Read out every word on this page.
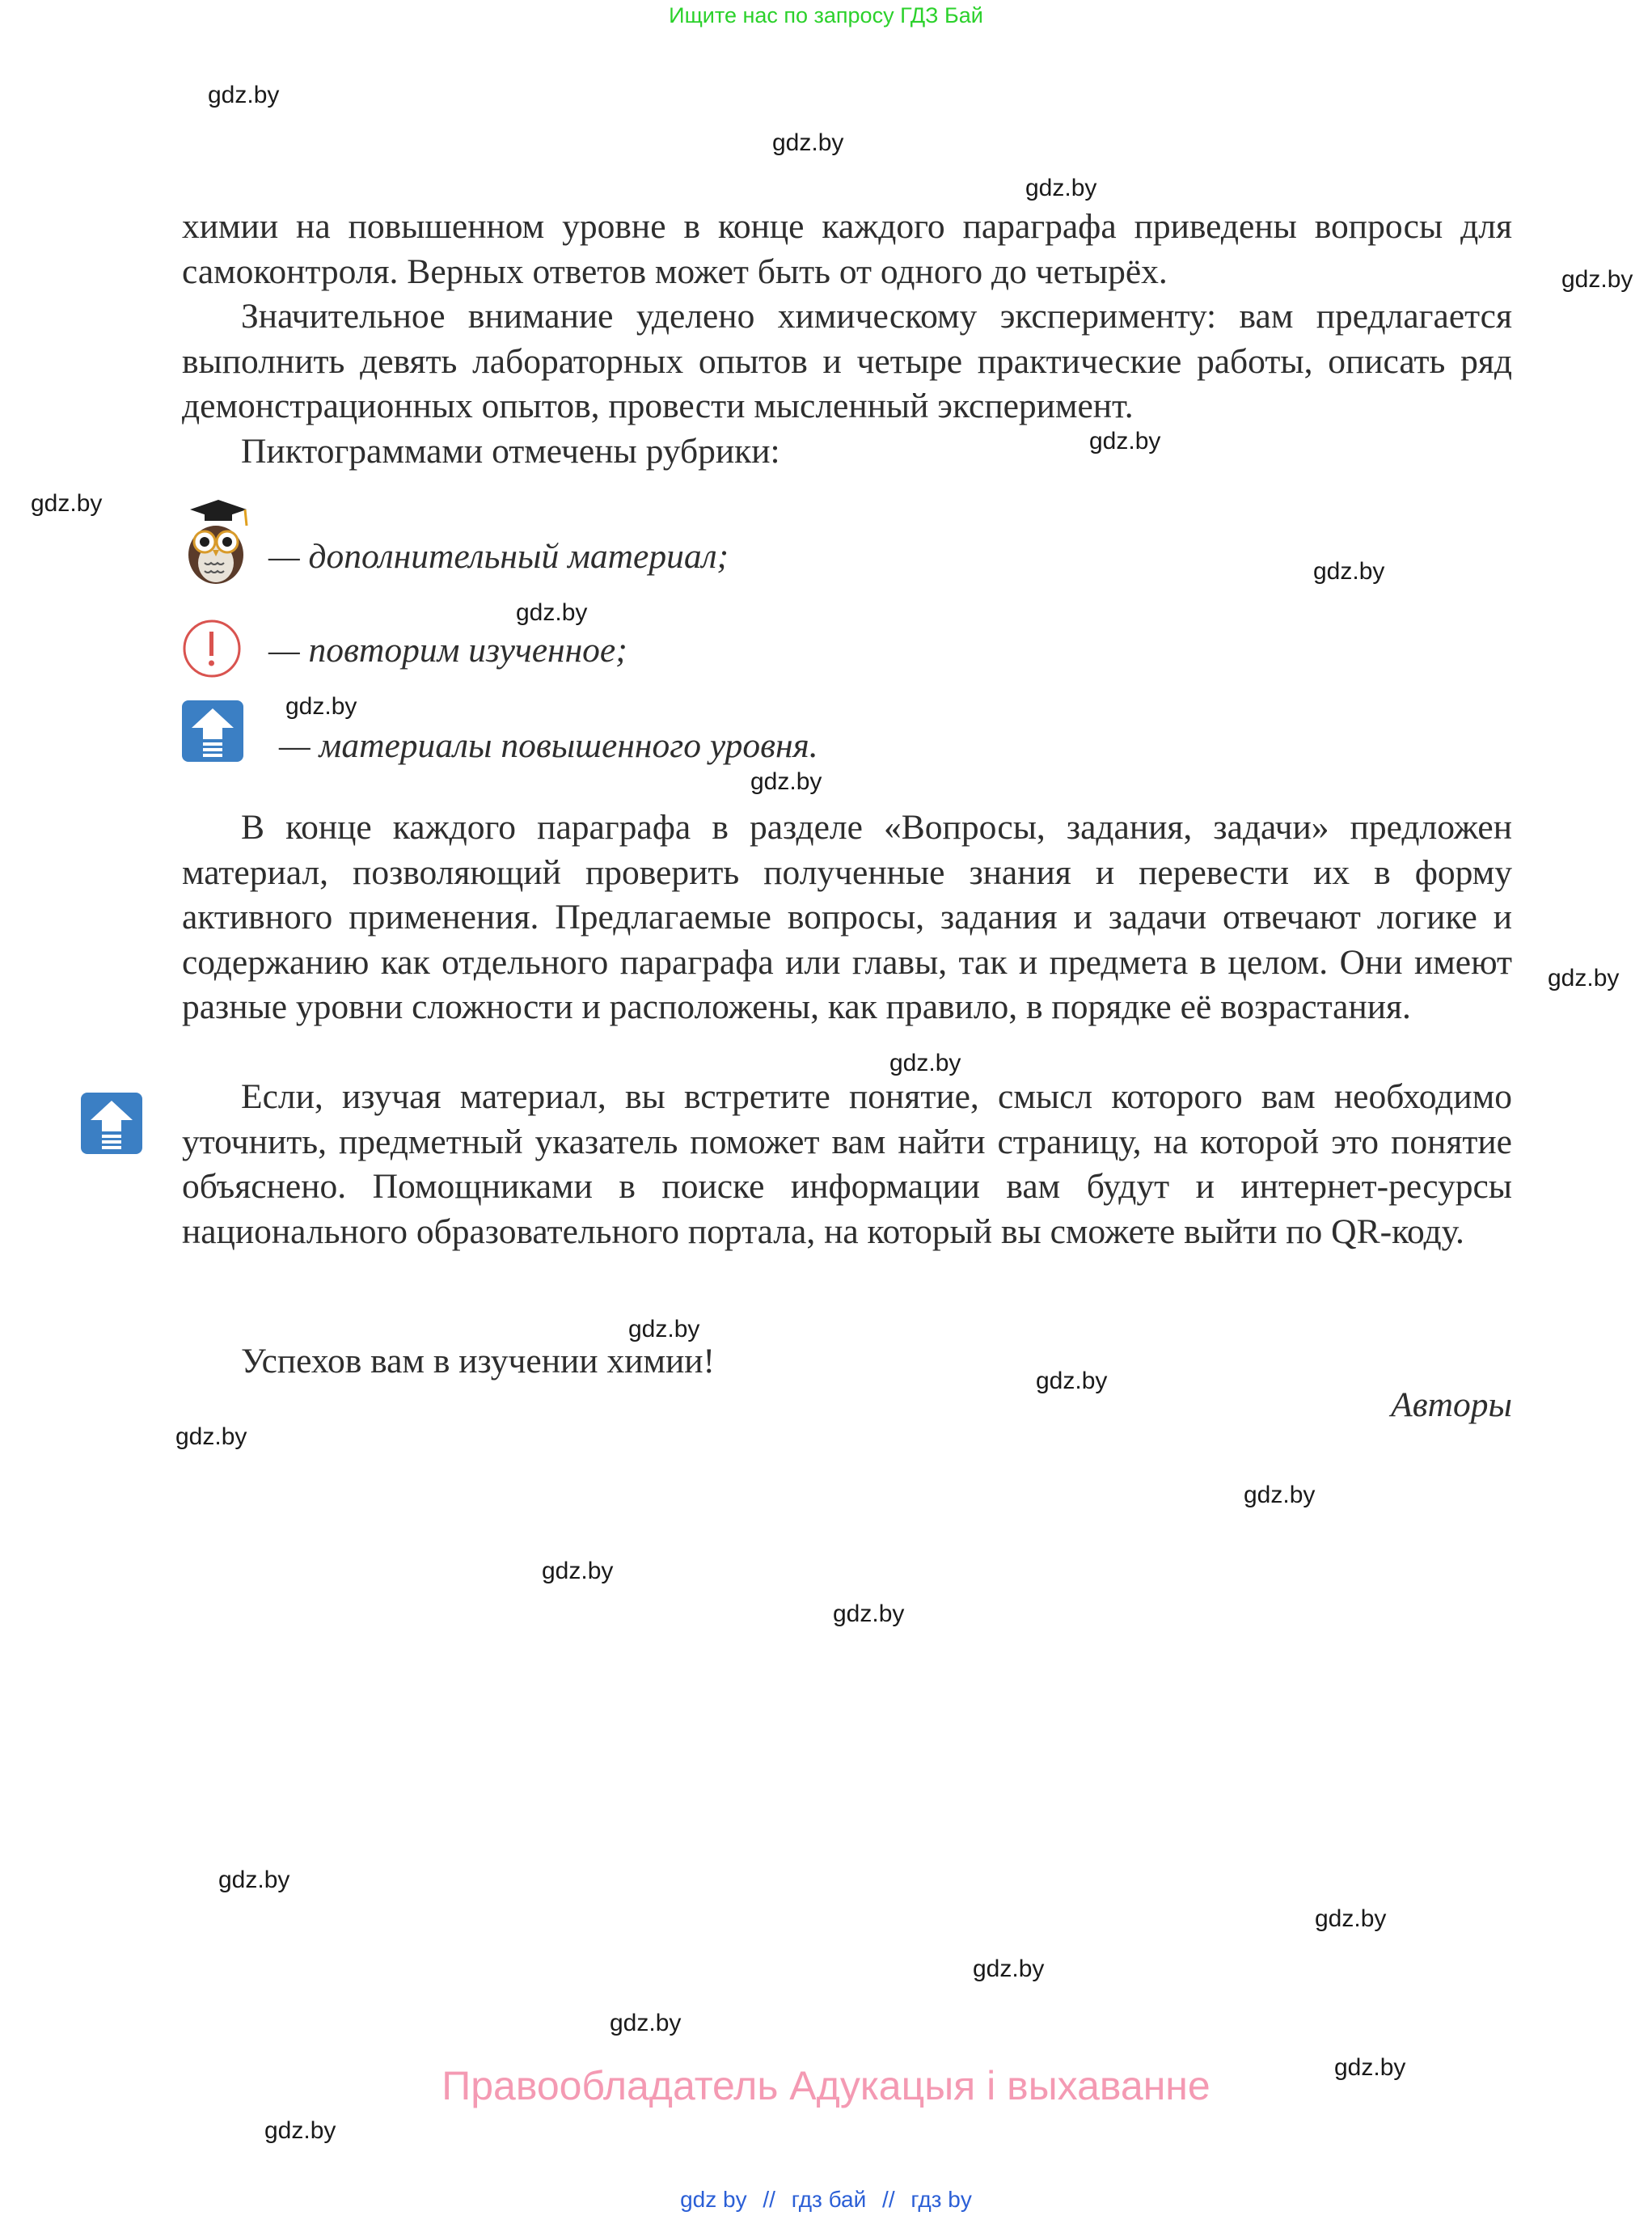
Ищите нас по запросу ГДЗ Бай
gdz.by
gdz.by
gdz.by
gdz.by
gdz.by
gdz.by
gdz.by
gdz.by
gdz.by
gdz.by
gdz.by
gdz.by
gdz.by
gdz.by
gdz.by
gdz.by
gdz.by
gdz.by
gdz.by
gdz.by
gdz.by
gdz.by
gdz.by
gdz.by
химии на повышенном уровне в конце каждого параграфа приведены вопросы для самоконтроля. Верных ответов может быть от одного до четырёх.
Значительное внимание уделено химическому эксперименту: вам предлагается выполнить девять лабораторных опытов и четыре практические работы, описать ряд демонстрационных опытов, провести мысленный эксперимент.
Пиктограммами отмечены рубрики:
— дополнительный материал;
— повторим изученное;
— материалы повышенного уровня.
В конце каждого параграфа в разделе «Вопросы, задания, задачи» предложен материал, позволяющий проверить полученные знания и перевести их в форму активного применения. Предлагаемые вопросы, задания и задачи отвечают логике и содержанию как отдельного параграфа или главы, так и предмета в целом. Они имеют разные уровни сложности и расположены, как правило, в порядке её возрастания.
Если, изучая материал, вы встретите понятие, смысл которого вам необходимо уточнить, предметный указатель поможет вам найти страницу, на которой это понятие объяснено. Помощниками в поиске информации вам будут и интернет-ресурсы национального образовательного портала, на который вы сможете выйти по QR-коду.
Успехов вам в изучении химии!
Авторы
Правообладатель Адукацыя і выхаванне
gdz by // гдз бай // гдз by
